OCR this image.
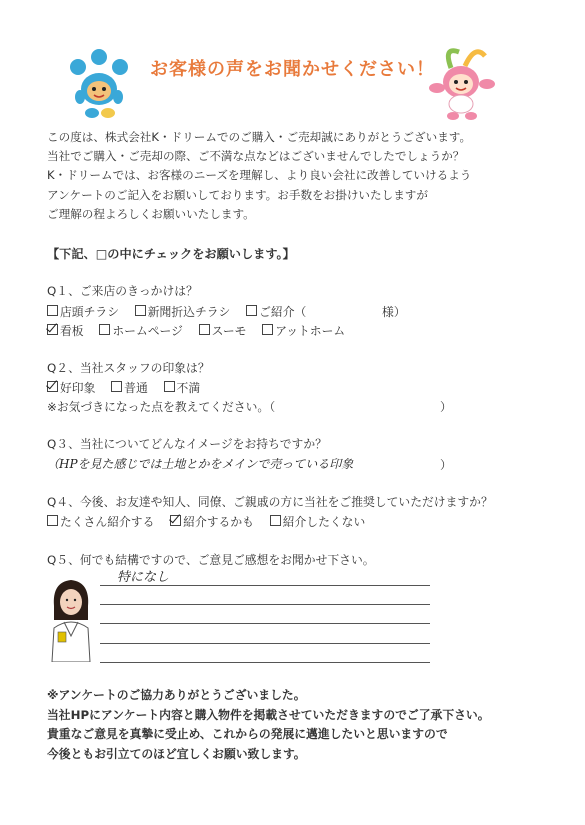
お客様の声をお聞かせください！
この度は、株式会社K・ドリームでのご購入・ご売却誠にありがとうございます。
当社でご購入・ご売却の際、ご不満な点などはございませんでしたでしょうか？
K・ドリームでは、お客様のニーズを理解し、より良い会社に改善していけるよう
アンケートのご記入をお願いしております。お手数をお掛けいたしますが
ご理解の程よろしくお願いいたします。
【下記、□の中にチェックをお願いします。】
Q１、ご来店のきっかけは？
店頭チラシ 新聞折込チラシ ご紹介（	様）
看板 ホームページ スーモ アットホーム
Q２、当社スタッフの印象は？
好印象 普通 不満
※お気づきになった点を教えてください。（	）
Q３、当社についてどんなイメージをお持ちですか？
（HPを見た感じでは土地とかをメインで売っている印象	）
Q４、今後、お友達や知人、同僚、ご親戚の方に当社をご推奨していただけますか？
たくさん紹介する 紹介するかも 紹介したくない
Q５、何でも結構ですので、ご意見ご感想をお聞かせ下さい。
特になし
※アンケートのご協力ありがとうございました。
当社HPにアンケート内容と購入物件を掲載させていただきますのでご了承下さい。
貴重なご意見を真摯に受止め、これからの発展に邁進したいと思いますので
今後ともお引立てのほど宜しくお願い致します。
